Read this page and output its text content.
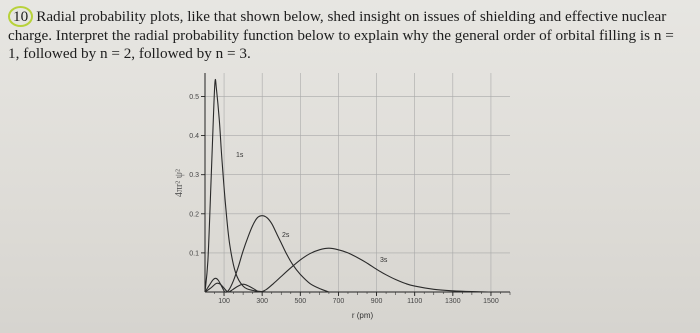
10 Radial probability plots, like that shown below, shed insight on issues of shielding and effective nuclear charge. Interpret the radial probability function below to explain why the general order of orbital filling is n = 1, followed by n = 2, followed by n = 3.
100	300	500	700	900	1100	1300	1500
0.1
0.2
0.3
0.4
0.5
r (pm)
4πr² ψ²
1s
2s
3s
